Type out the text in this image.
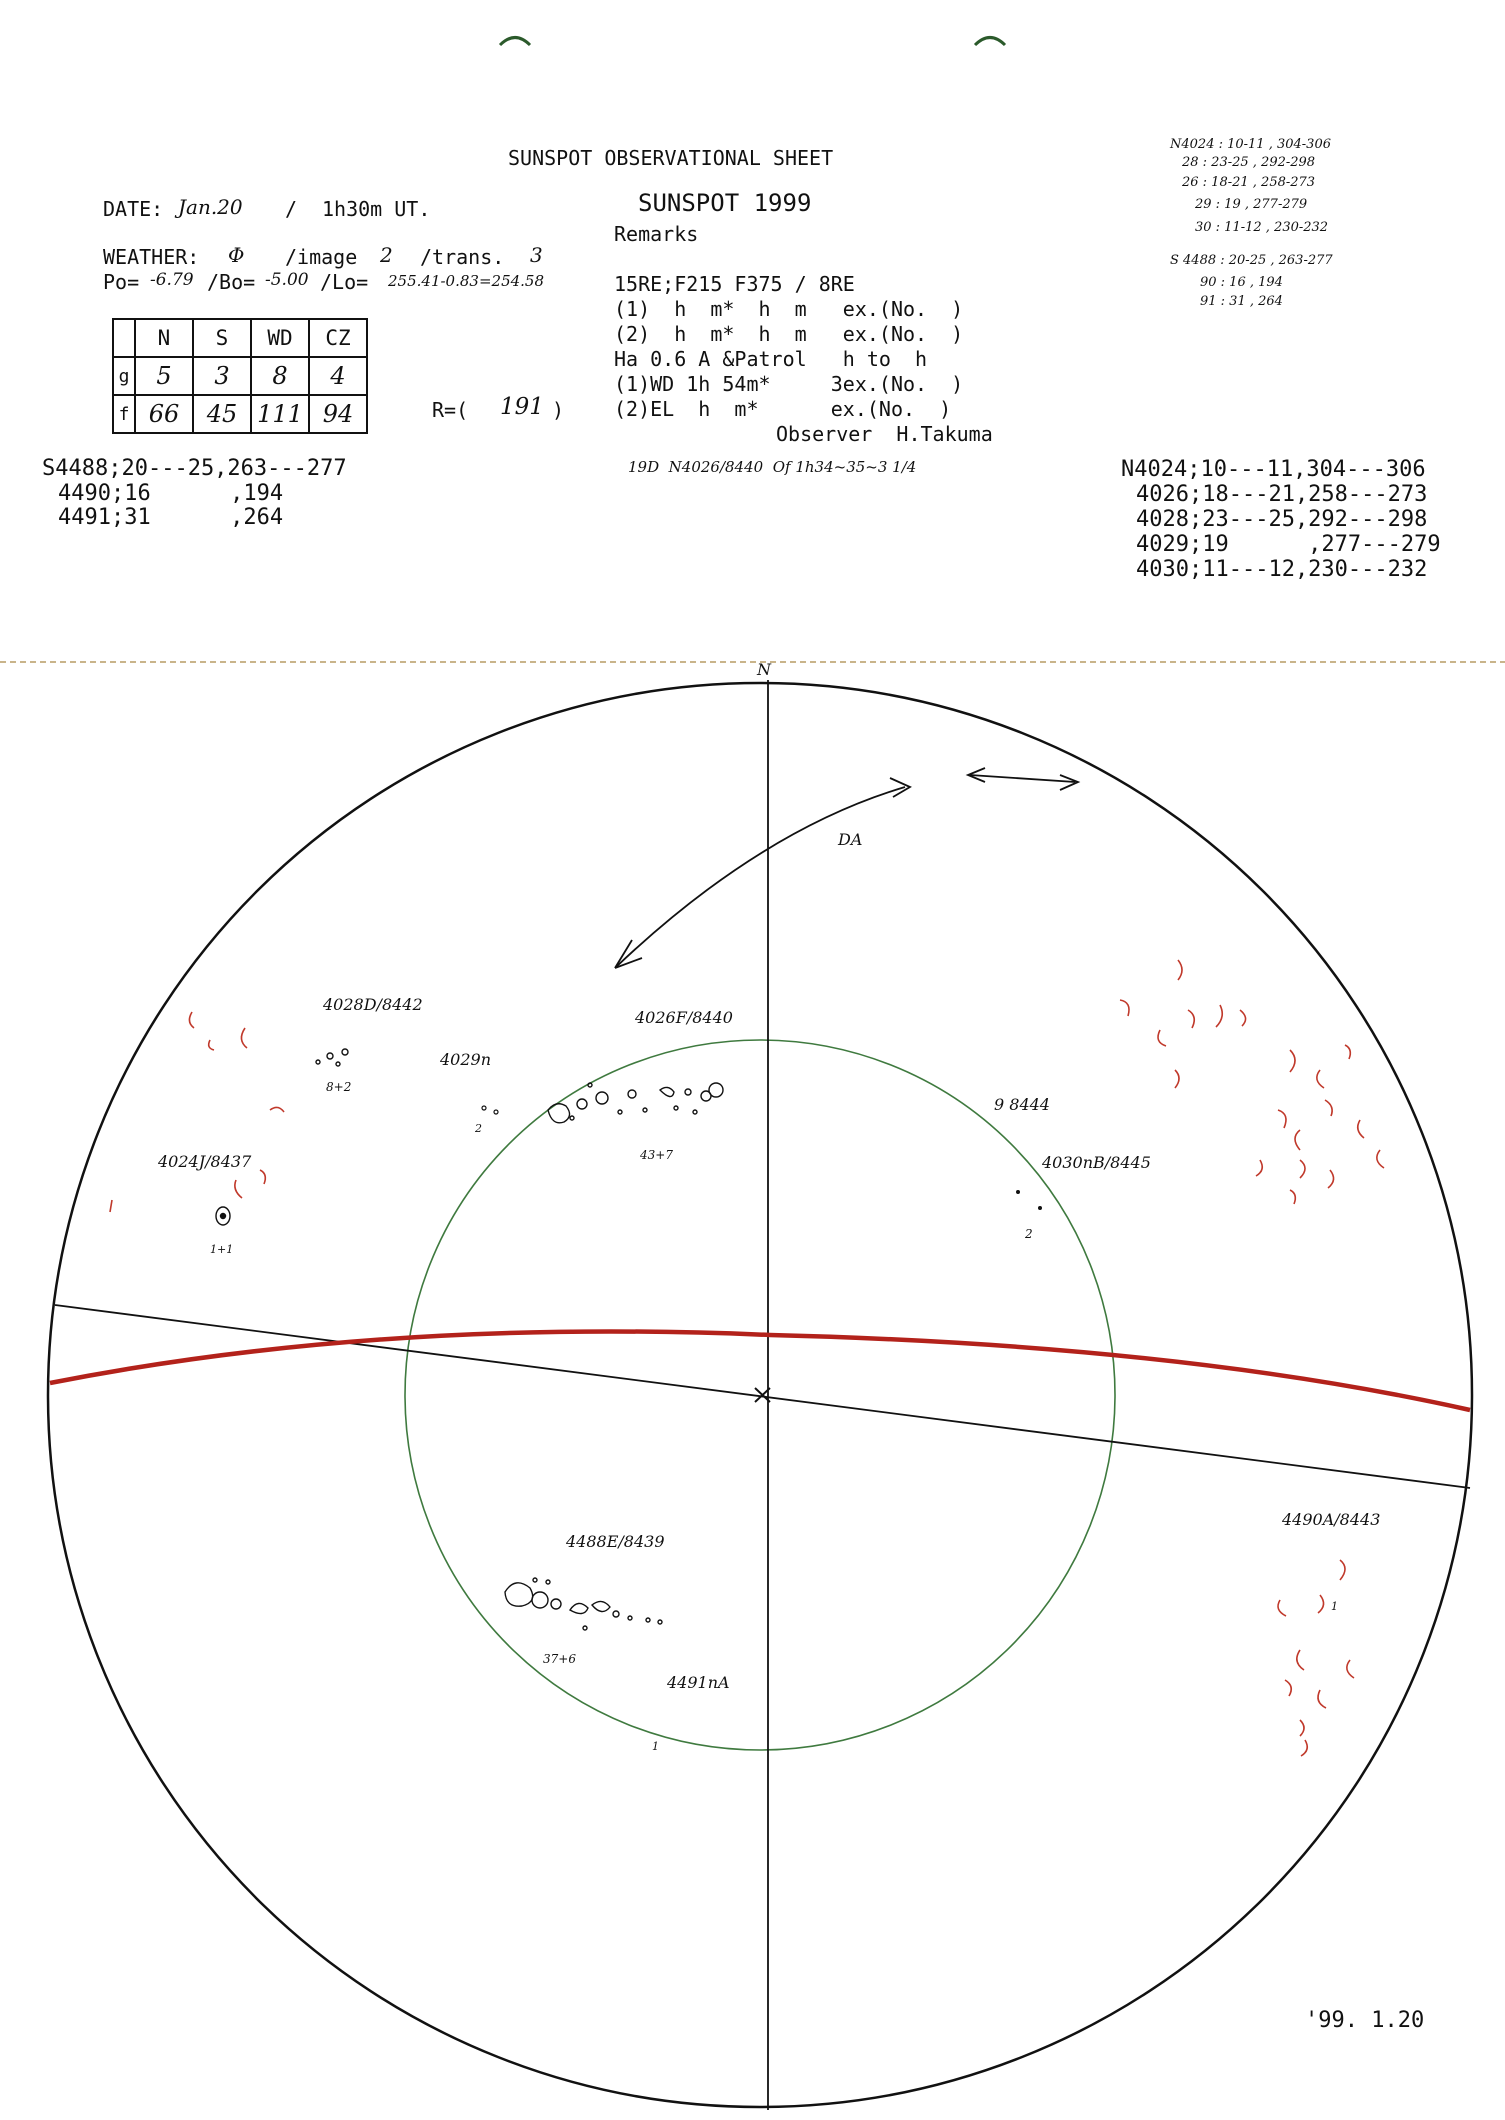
SUNSPOT OBSERVATIONAL SHEET
SUNSPOT 1999
Remarks
DATE: Jan.20 / 1h30m UT.
WEATHER: Φ /image 2 /trans. 3
Po= -6.79 /Bo= -5.00 /Lo= 255.41-0.83=254.58
	N	S	WD	CZ
g	5	3	8	4
f	66	45	111	94	R=( 191 )
15RE;F215 F375 / 8RE
(1)  h  m*  h  m   ex.(No.  )
(2)  h  m*  h  m   ex.(No.  )
Ha 0.6 A &Patrol   h to  h
(1)WD 1h 54m*     3ex.(No.  )
(2)EL  h  m*      ex.(No.  )
Observer  H.Takuma
19D  N4026/8440  Of 1h34~35~3 1/4
N4024 : 10-11 , 304-306
28 : 23-25 , 292-298
26 : 18-21 , 258-273
29 : 19 , 277-279
30 : 11-12 , 230-232
S 4488 : 20-25 , 263-277
90 : 16 , 194
91 : 31 , 264
S4488;20---25,263---277
4490;16      ,194
4491;31      ,264
N4024;10---11,304---306
4026;18---21,258---273
4028;23---25,292---298
4029;19      ,277---279
4030;11---12,230---232
N
DA
4028D/8442
8+2
4029n
2
4026F/8440
43+7
4024J/8437
1+1
9 8444
4030nB/8445
2
4488E/8439
37+6
4491nA
1
4490A/8443
1
'99. 1.20
